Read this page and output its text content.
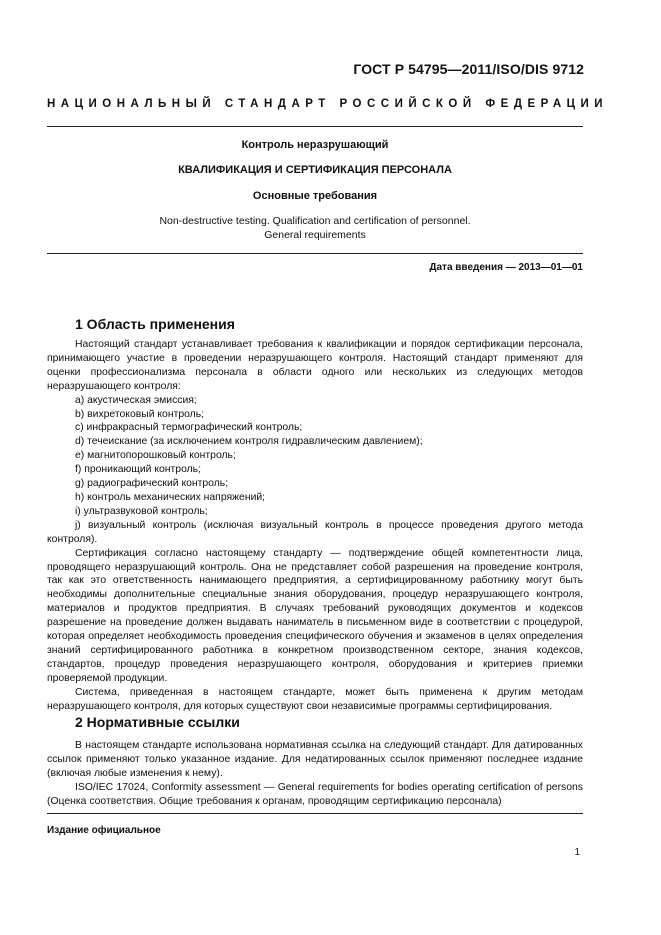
ГОСТ Р 54795—2011/ISO/DIS 9712
НАЦИОНАЛЬНЫЙ СТАНДАРТ РОССИЙСКОЙ ФЕДЕРАЦИИ
Контроль неразрушающий
КВАЛИФИКАЦИЯ И СЕРТИФИКАЦИЯ ПЕРСОНАЛА
Основные требования
Non-destructive testing. Qualification and certification of personnel.
General requirements
Дата введения — 2013—01—01
1 Область применения

Настоящий стандарт устанавливает требования к квалификации и порядок сертификации персонала, принимающего участие в проведении неразрушающего контроля. Настоящий стандарт применяют для оценки профессионализма персонала в области одного или нескольких из следующих методов неразрушающего контроля:

a) акустическая эмиссия;

b) вихретоковый контроль;

c) инфракрасный термографический контроль;

d) течеискание (за исключением контроля гидравлическим давлением);

e) магнитопорошковый контроль;

f) проникающий контроль;

g) радиографический контроль;

h) контроль механических напряжений;

i) ультразвуковой контроль;

j) визуальный контроль (исключая визуальный контроль в процессе проведения другого метода контроля).

Сертификация согласно настоящему стандарту — подтверждение общей компетентности лица, проводящего неразрушающий контроль. Она не представляет собой разрешения на проведение контроля, так как это ответственность нанимающего предприятия, а сертифицированному работнику могут быть необходимы дополнительные специальные знания оборудования, процедур неразрушающего контроля, материалов и продуктов предприятия. В случаях требований руководящих документов и кодексов разрешение на проведение должен выдавать наниматель в письменном виде в соответствии с процедурой, которая определяет необходимость проведения специфического обучения и экзаменов в целях определения знаний сертифицированного работника в конкретном производственном секторе, знания кодексов, стандартов, процедур проведения неразрушающего контроля, оборудования и критериев приемки проверяемой продукции.

Система, приведенная в настоящем стандарте, может быть применена к другим методам неразрушающего контроля, для которых существуют свои независимые программы сертифицирования.

2 Нормативные ссылки

В настоящем стандарте использована нормативная ссылка на следующий стандарт. Для датированных ссылок применяют только указанное издание. Для недатированных ссылок применяют последнее издание (включая любые изменения к нему).

ISO/IEC 17024, Conformity assessment — General requirements for bodies operating certification of persons (Оценка соответствия. Общие требования к органам, проводящим сертификацию персонала)

Издание официальное
1
